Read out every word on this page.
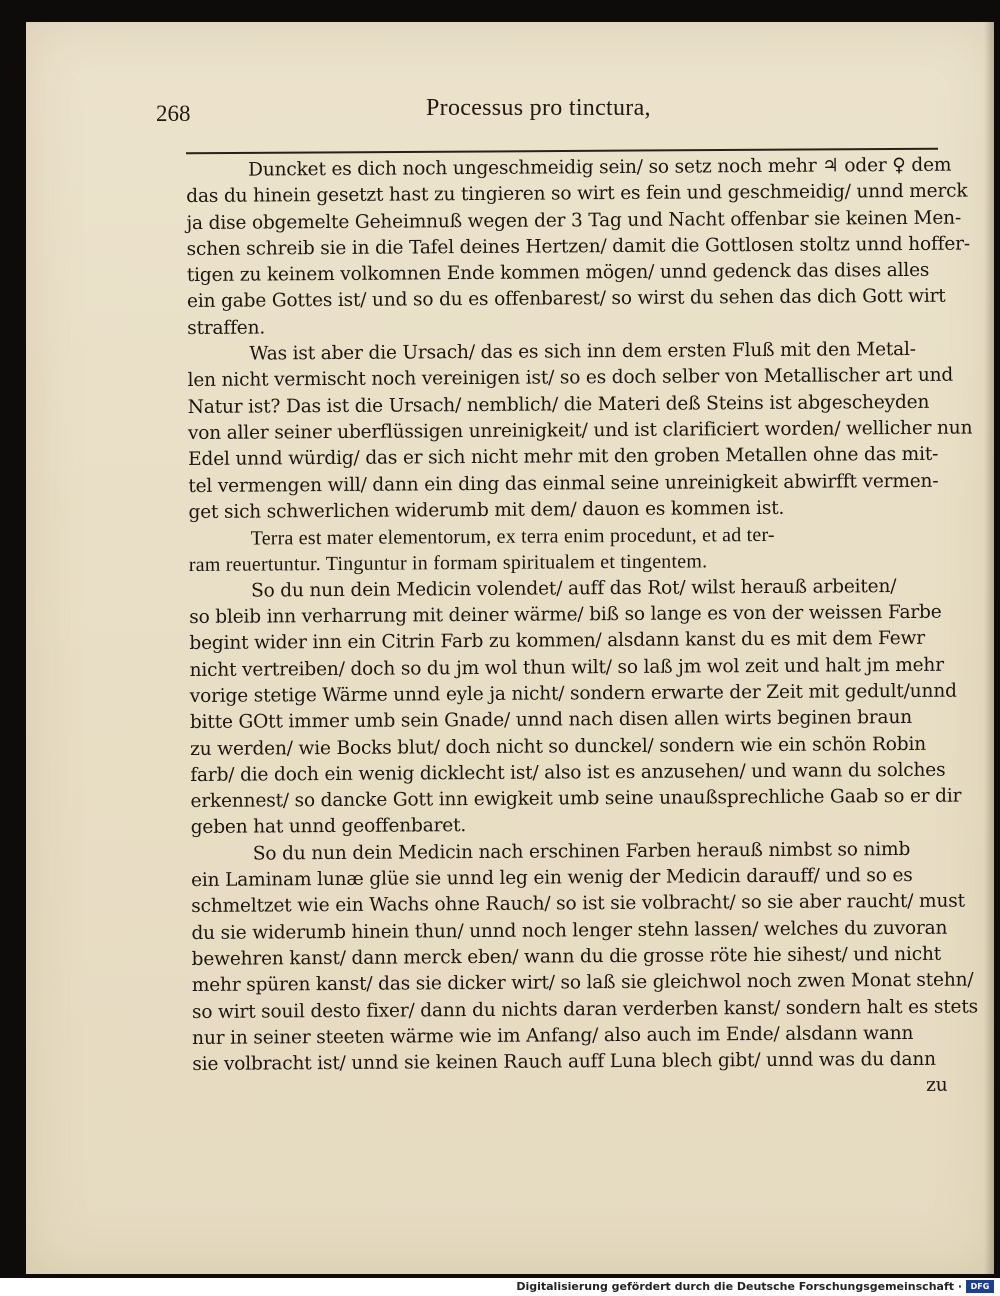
268	Processus pro tinctura,
Duncket es dich noch ungeschmeidig sein/ so setz noch mehr ♃ oder ♀ dem
das du hinein gesetzt hast zu tingieren so wirt es fein und geschmeidig/ unnd merck
ja dise obgemelte Geheimnuß wegen der 3 Tag und Nacht offenbar sie keinen Men-
schen schreib sie in die Tafel deines Hertzen/ damit die Gottlosen stoltz unnd hoffer-
tigen zu keinem volkomnen Ende kommen mögen/ unnd gedenck das dises alles
ein gabe Gottes ist/ und so du es offenbarest/ so wirst du sehen das dich Gott wirt
straffen.
Was ist aber die Ursach/ das es sich inn dem ersten Fluß mit den Metal-
len nicht vermischt noch vereinigen ist/ so es doch selber von Metallischer art und
Natur ist? Das ist die Ursach/ nemblich/ die Materi deß Steins ist abgescheyden
von aller seiner uberflüssigen unreinigkeit/ und ist clarificiert worden/ wellicher nun
Edel unnd würdig/ das er sich nicht mehr mit den groben Metallen ohne das mit-
tel vermengen will/ dann ein ding das einmal seine unreinigkeit abwirfft vermen-
get sich schwerlichen widerumb mit dem/ dauon es kommen ist.
Terra est mater elementorum, ex terra enim procedunt, et ad ter-
ram reuertuntur. Tinguntur in formam spiritualem et tingentem.
So du nun dein Medicin volendet/ auff das Rot/ wilst herauß arbeiten/
so bleib inn verharrung mit deiner wärme/ biß so lange es von der weissen Farbe
begint wider inn ein Citrin Farb zu kommen/ alsdann kanst du es mit dem Fewr
nicht vertreiben/ doch so du jm wol thun wilt/ so laß jm wol zeit und halt jm mehr
vorige stetige Wärme unnd eyle ja nicht/ sondern erwarte der Zeit mit gedult/unnd
bitte GOtt immer umb sein Gnade/ unnd nach disen allen wirts beginen braun
zu werden/ wie Bocks blut/ doch nicht so dunckel/ sondern wie ein schön Robin
farb/ die doch ein wenig dicklecht ist/ also ist es anzusehen/ und wann du solches
erkennest/ so dancke Gott inn ewigkeit umb seine unaußsprechliche Gaab so er dir
geben hat unnd geoffenbaret.
So du nun dein Medicin nach erschinen Farben herauß nimbst so nimb
ein Laminam lunæ glüe sie unnd leg ein wenig der Medicin darauff/ und so es
schmeltzet wie ein Wachs ohne Rauch/ so ist sie volbracht/ so sie aber raucht/ must
du sie widerumb hinein thun/ unnd noch lenger stehn lassen/ welches du zuvoran
bewehren kanst/ dann merck eben/ wann du die grosse röte hie sihest/ und nicht
mehr spüren kanst/ das sie dicker wirt/ so laß sie gleichwol noch zwen Monat stehn/
so wirt souil desto fixer/ dann du nichts daran verderben kanst/ sondern halt es stets
nur in seiner steeten wärme wie im Anfang/ also auch im Ende/ alsdann wann
sie volbracht ist/ unnd sie keinen Rauch auff Luna blech gibt/ unnd was du dann
zu
Digitalisierung gefördert durch die Deutsche Forschungsgemeinschaft ·	DFG
